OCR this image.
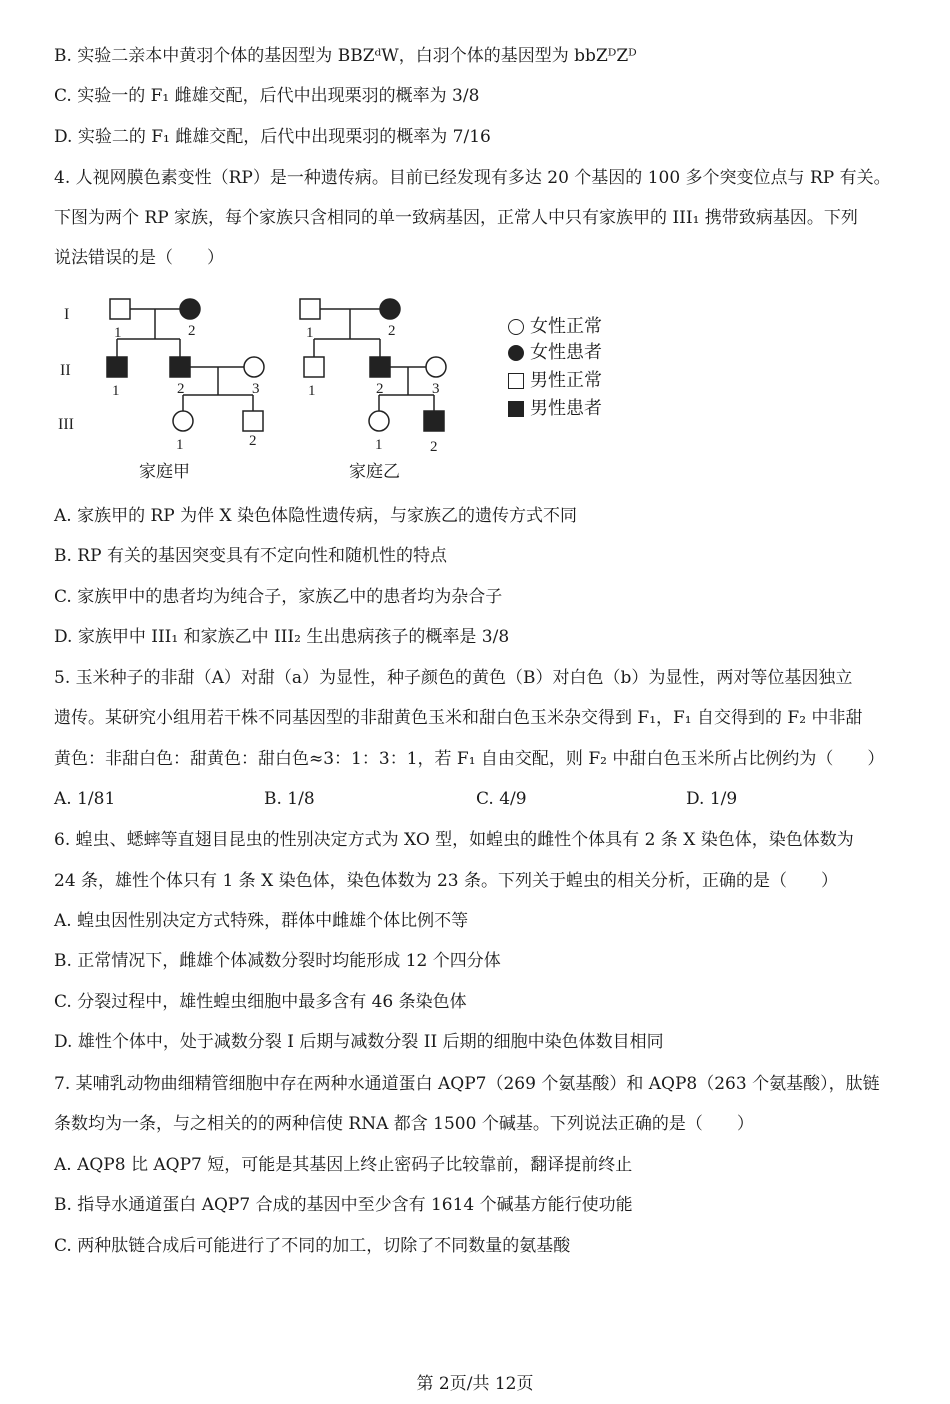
B. 实验二亲本中黄羽个体的基因型为 BBZᵈW，白羽个体的基因型为 bbZᴰZᴰ

C. 实验一的 F₁ 雌雄交配，后代中出现栗羽的概率为 3/8

D. 实验二的 F₁ 雌雄交配，后代中出现栗羽的概率为 7/16

4. 人视网膜色素变性（RP）是一种遗传病。目前已经发现有多达 20 个基因的 100 多个突变位点与 RP 有关。

下图为两个 RP 家族，每个家族只含相同的单一致病基因，正常人中只有家族甲的 III₁ 携带致病基因。下列

说法错误的是（　　）

I
II
III
1	2
1	2	3
1	2
1	2
1	2	3
1	2
家庭甲	家庭乙
女性正常
女性患者
男性正常
男性患者

A. 家族甲的 RP 为伴 X 染色体隐性遗传病，与家族乙的遗传方式不同

B. RP 有关的基因突变具有不定向性和随机性的特点

C. 家族甲中的患者均为纯合子，家族乙中的患者均为杂合子

D. 家族甲中 III₁ 和家族乙中 III₂ 生出患病孩子的概率是 3/8

5. 玉米种子的非甜（A）对甜（a）为显性，种子颜色的黄色（B）对白色（b）为显性，两对等位基因独立

遗传。某研究小组用若干株不同基因型的非甜黄色玉米和甜白色玉米杂交得到 F₁，F₁ 自交得到的 F₂ 中非甜

黄色：非甜白色：甜黄色：甜白色≈3：1：3：1，若 F₁ 自由交配，则 F₂ 中甜白色玉米所占比例约为（　　）

A. 1/81	B. 1/8	C. 4/9	D. 1/9

6. 蝗虫、蟋蟀等直翅目昆虫的性别决定方式为 XO 型，如蝗虫的雌性个体具有 2 条 X 染色体，染色体数为

24 条，雄性个体只有 1 条 X 染色体，染色体数为 23 条。下列关于蝗虫的相关分析，正确的是（　　）

A. 蝗虫因性别决定方式特殊，群体中雌雄个体比例不等

B. 正常情况下，雌雄个体减数分裂时均能形成 12 个四分体

C. 分裂过程中，雄性蝗虫细胞中最多含有 46 条染色体

D. 雄性个体中，处于减数分裂 I 后期与减数分裂 II 后期的细胞中染色体数目相同

7. 某哺乳动物曲细精管细胞中存在两种水通道蛋白 AQP7（269 个氨基酸）和 AQP8（263 个氨基酸），肽链

条数均为一条，与之相关的的两种信使 RNA 都含 1500 个碱基。下列说法正确的是（　　）

A. AQP8 比 AQP7 短，可能是其基因上终止密码子比较靠前，翻译提前终止

B. 指导水通道蛋白 AQP7 合成的基因中至少含有 1614 个碱基方能行使功能

C. 两种肽链合成后可能进行了不同的加工，切除了不同数量的氨基酸

第 2页/共 12页
